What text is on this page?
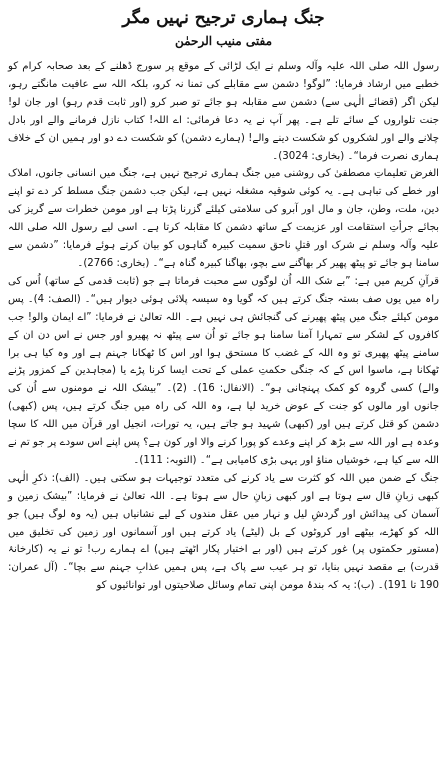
جنگ ہماری ترجیح نہیں مگر
مفتی منیب الرحمٰن

رسول اللہ صلی اللہ علیہ وآلہ وسلم نے ایک لڑائی کے موقع پر سورج ڈھلنے کے بعد صحابہ کرام کو خطبے میں ارشاد فرمایا: ”لوگو! دشمن سے مقابلے کی تمنا نہ کرو، بلکہ اللہ سے عافیت مانگتے رہو، لیکن اگر (قضائے الٰہی سے) دشمن سے مقابلہ ہو جائے تو صبر کرو (اور ثابت قدم رہو) اور جان لو! جنت تلواروں کے سائے تلے ہے۔ پھر آپ نے یہ دعا فرمائی: اے اللہ! کتاب نازل فرمانے والے اور بادل چلانے والے اور لشکروں کو شکست دینے والے! (ہمارے دشمن) کو شکست دے دو اور ہمیں ان کے خلاف ہماری نصرت فرما“۔ (بخاری: 3024)۔

الغرض تعلیماتِ مصطفیٰ کی روشنی میں جنگ ہماری ترجیح نہیں ہے، جنگ میں انسانی جانوں، املاک اور خطے کی تباہی ہے۔ یہ کوئی شوقیہ مشغلہ نہیں ہے، لیکن جب دشمن جنگ مسلط کر دے تو اپنے دین، ملت، وطن، جان و مال اور آبرو کی سلامتی کیلئے گزرنا پڑتا ہے اور مومن خطرات سے گریز کی بجائے جرأتِ استقامت اور عزیمت کے ساتھ دشمن کا مقابلہ کرتا ہے۔ اسی لیے رسول اللہ صلی اللہ علیہ وآلہ وسلم نے شرک اور قتلِ ناحق سمیت کبیرہ گناہوں کو بیان کرتے ہوئے فرمایا: ”دشمن سے سامنا ہو جائے تو پیٹھ پھیر کر بھاگنے سے بچو، بھاگنا کبیرہ گناہ ہے“۔ (بخاری: 2766)۔

قرآنِ کریم میں ہے: ”بے شک اللہ اُن لوگوں سے محبت فرماتا ہے جو (ثابت قدمی کے ساتھ) اُس کی راہ میں یوں صف بستہ جنگ کرتے ہیں کہ گویا وہ سیسہ پلائی ہوئی دیوار ہیں“۔ (الصف: 4)۔ پس مومن کیلئے جنگ میں پیٹھ پھیرنے کی گنجائش ہی نہیں ہے۔ اللہ تعالیٰ نے فرمایا: ”اے ایمان والو! جب کافروں کے لشکر سے تمہارا آمنا سامنا ہو جائے تو اُن سے پیٹھ نہ پھیرو اور جس نے اس دن ان کے سامنے پیٹھ پھیری تو وہ اللہ کے غضب کا مستحق ہوا اور اس کا ٹھکانا جہنم ہے اور وہ کیا ہی برا ٹھکانا ہے، ماسوا اس کے کہ جنگی حکمتِ عملی کے تحت ایسا کرنا پڑے یا (مجاہدین کے کمزور پڑنے والے) کسی گروہ کو کمک پہنچانی ہو“۔ (الانفال: 16)۔ (2)۔ ”بیشک اللہ نے مومنوں سے اُن کی جانوں اور مالوں کو جنت کے عوض خرید لیا ہے، وہ اللہ کی راہ میں جنگ کرتے ہیں، پس (کبھی) دشمن کو قتل کرتے ہیں اور (کبھی) شہید ہو جاتے ہیں، یہ تورات، انجیل اور قرآن میں اللہ کا سچا وعدہ ہے اور اللہ سے بڑھ کر اپنے وعدے کو پورا کرنے والا اور کون ہے؟ پس اپنے اس سودے پر جو تم نے اللہ سے کیا ہے، خوشیاں مناؤ اور یہی بڑی کامیابی ہے“۔ (التوبہ: 111)۔

جنگ کے ضمن میں اللہ کو کثرت سے یاد کرنے کی متعدد توجیہات ہو سکتی ہیں۔ (الف): ذکرِ الٰہی کبھی زبانِ قال سے ہوتا ہے اور کبھی زبانِ حال سے ہوتا ہے۔ اللہ تعالیٰ نے فرمایا: ”بیشک زمین و آسمان کی پیدائش اور گردشِ لیل و نہار میں عقل مندوں کے لیے نشانیاں ہیں (یہ وہ لوگ ہیں) جو اللہ کو کھڑے، بیٹھے اور کروٹوں کے بل (لیٹے) یاد کرتے ہیں اور آسمانوں اور زمین کی تخلیق میں (مستور حکمتوں پر) غور کرتے ہیں (اور بے اختیار پکار اٹھتے ہیں) اے ہمارے رب! تو نے یہ (کارخانۂ قدرت) بے مقصد نہیں بنایا، تو ہر عیب سے پاک ہے، پس ہمیں عذابِ جہنم سے بچا“۔ (آل عمران: 190 تا 191)۔ (ب): یہ کہ بندۂ مومن اپنی تمام وسائل صلاحیتوں اور توانائیوں کو
